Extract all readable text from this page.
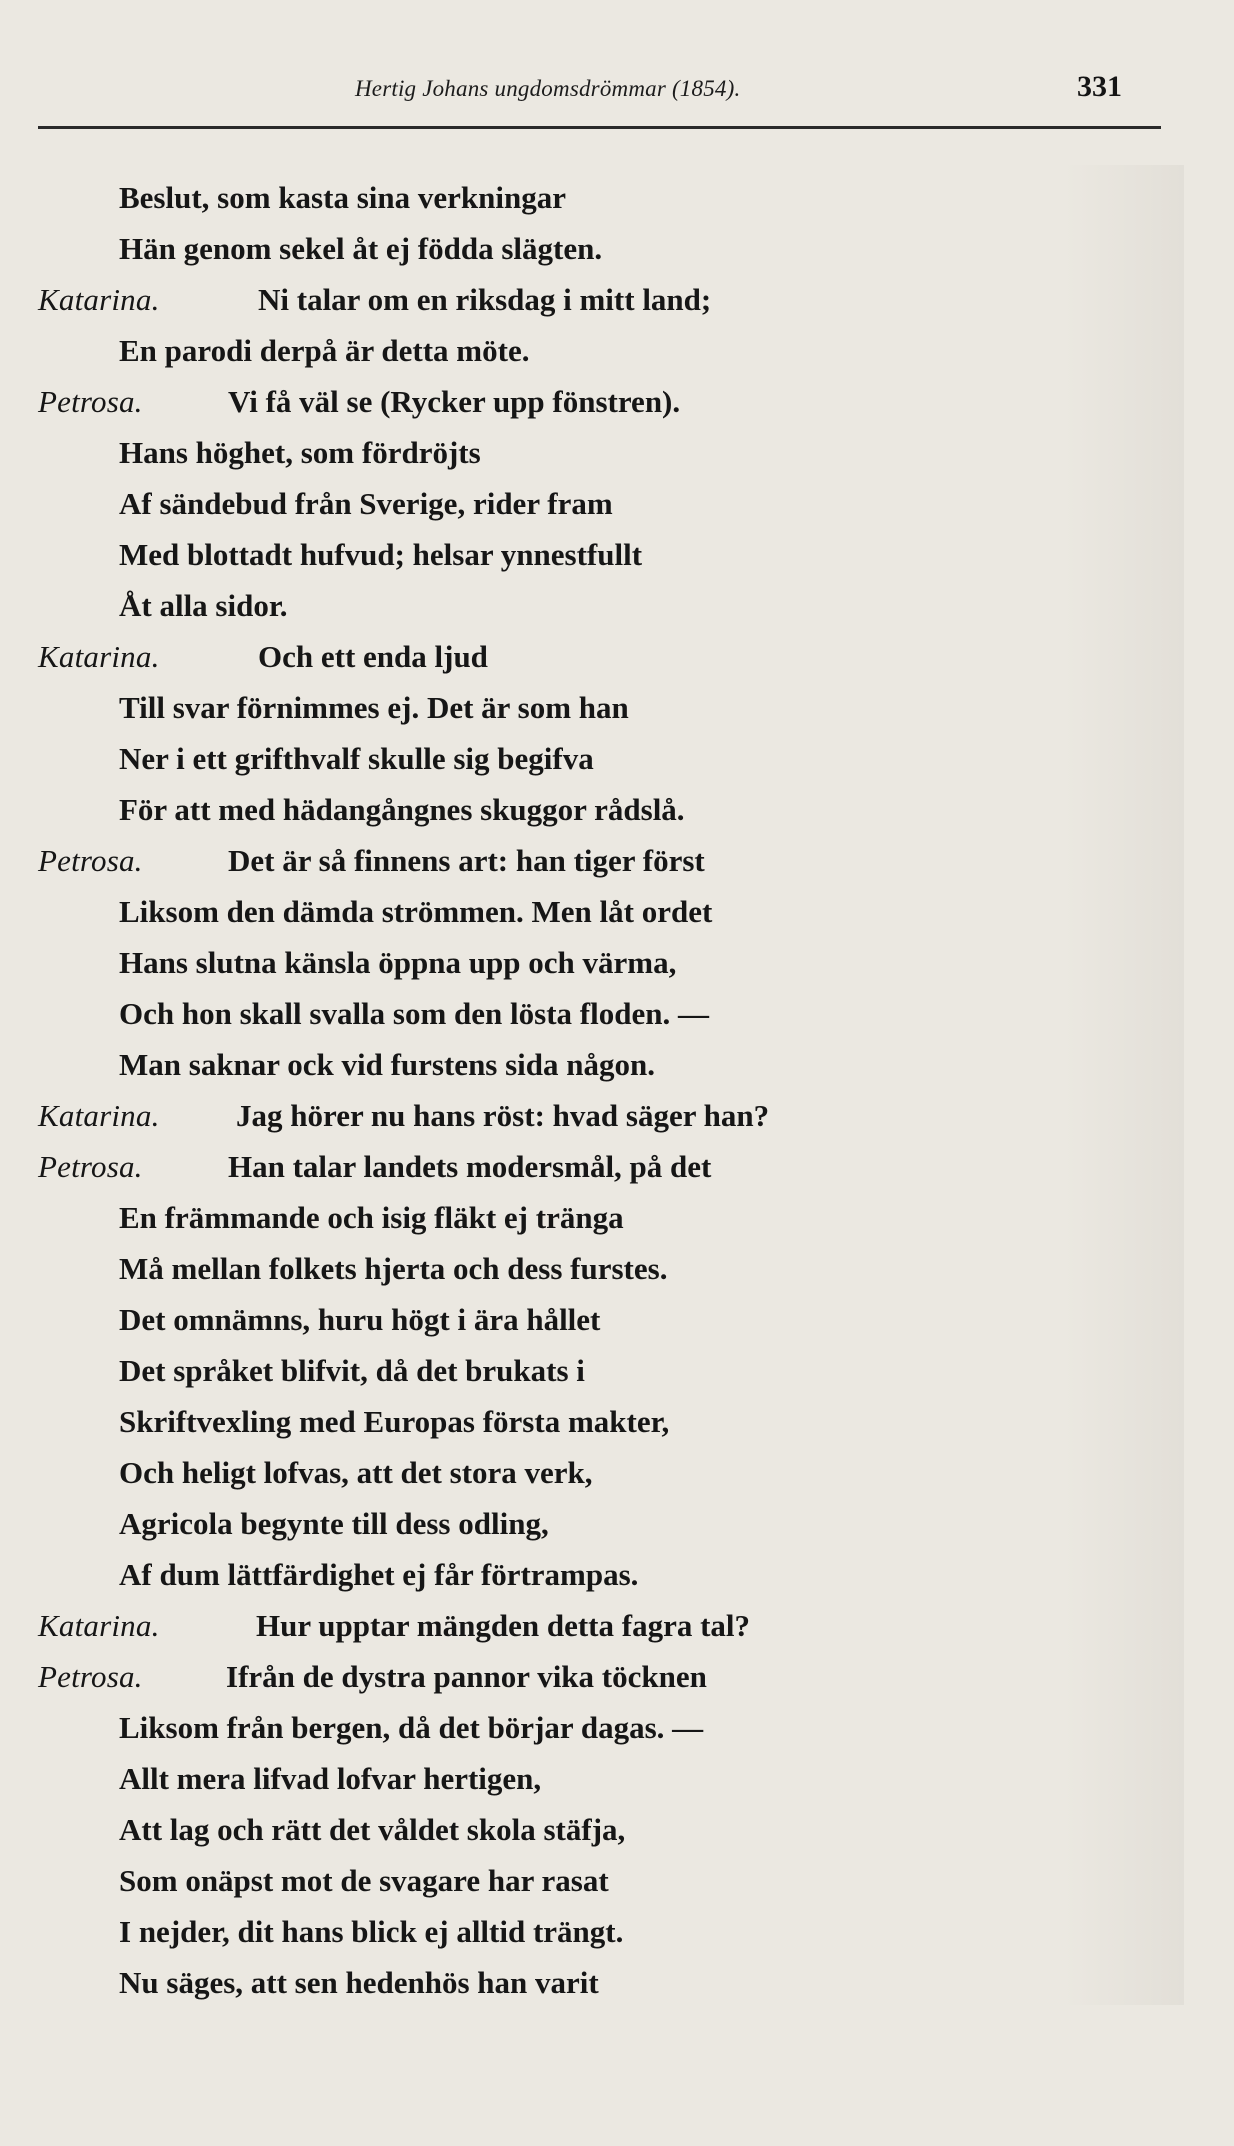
Hertig Johans ungdomsdrömmar (1854).	331
Beslut, som kasta sina verkningar
Hän genom sekel åt ej födda slägten.
Katarina.	Ni talar om en riksdag i mitt land;
En parodi derpå är detta möte.
Petrosa.	Vi få väl se (Rycker upp fönstren).
Hans höghet, som fördröjts
Af sändebud från Sverige, rider fram
Med blottadt hufvud; helsar ynnestfullt
Åt alla sidor.
Katarina.	Och ett enda ljud
Till svar förnimmes ej. Det är som han
Ner i ett grifthvalf skulle sig begifva
För att med hädangångnes skuggor rådslå.
Petrosa.	Det är så finnens art: han tiger först
Liksom den dämda strömmen. Men låt ordet
Hans slutna känsla öppna upp och värma,
Och hon skall svalla som den lösta floden. —
Man saknar ock vid furstens sida någon.
Katarina. Jag hörer nu hans röst: hvad säger han?
Petrosa.	Han talar landets modersmål, på det
En främmande och isig fläkt ej tränga
Må mellan folkets hjerta och dess furstes.
Det omnämns, huru högt i ära hållet
Det språket blifvit, då det brukats i
Skriftvexling med Europas första makter,
Och heligt lofvas, att det stora verk,
Agricola begynte till dess odling,
Af dum lättfärdighet ej får förtrampas.
Katarina.	Hur upptar mängden detta fagra tal?
Petrosa.	Ifrån de dystra pannor vika töcknen
Liksom från bergen, då det börjar dagas. —
Allt mera lifvad lofvar hertigen,
Att lag och rätt det våldet skola stäfja,
Som onäpst mot de svagare har rasat
I nejder, dit hans blick ej alltid trängt.
Nu säges, att sen hedenhös han varit
